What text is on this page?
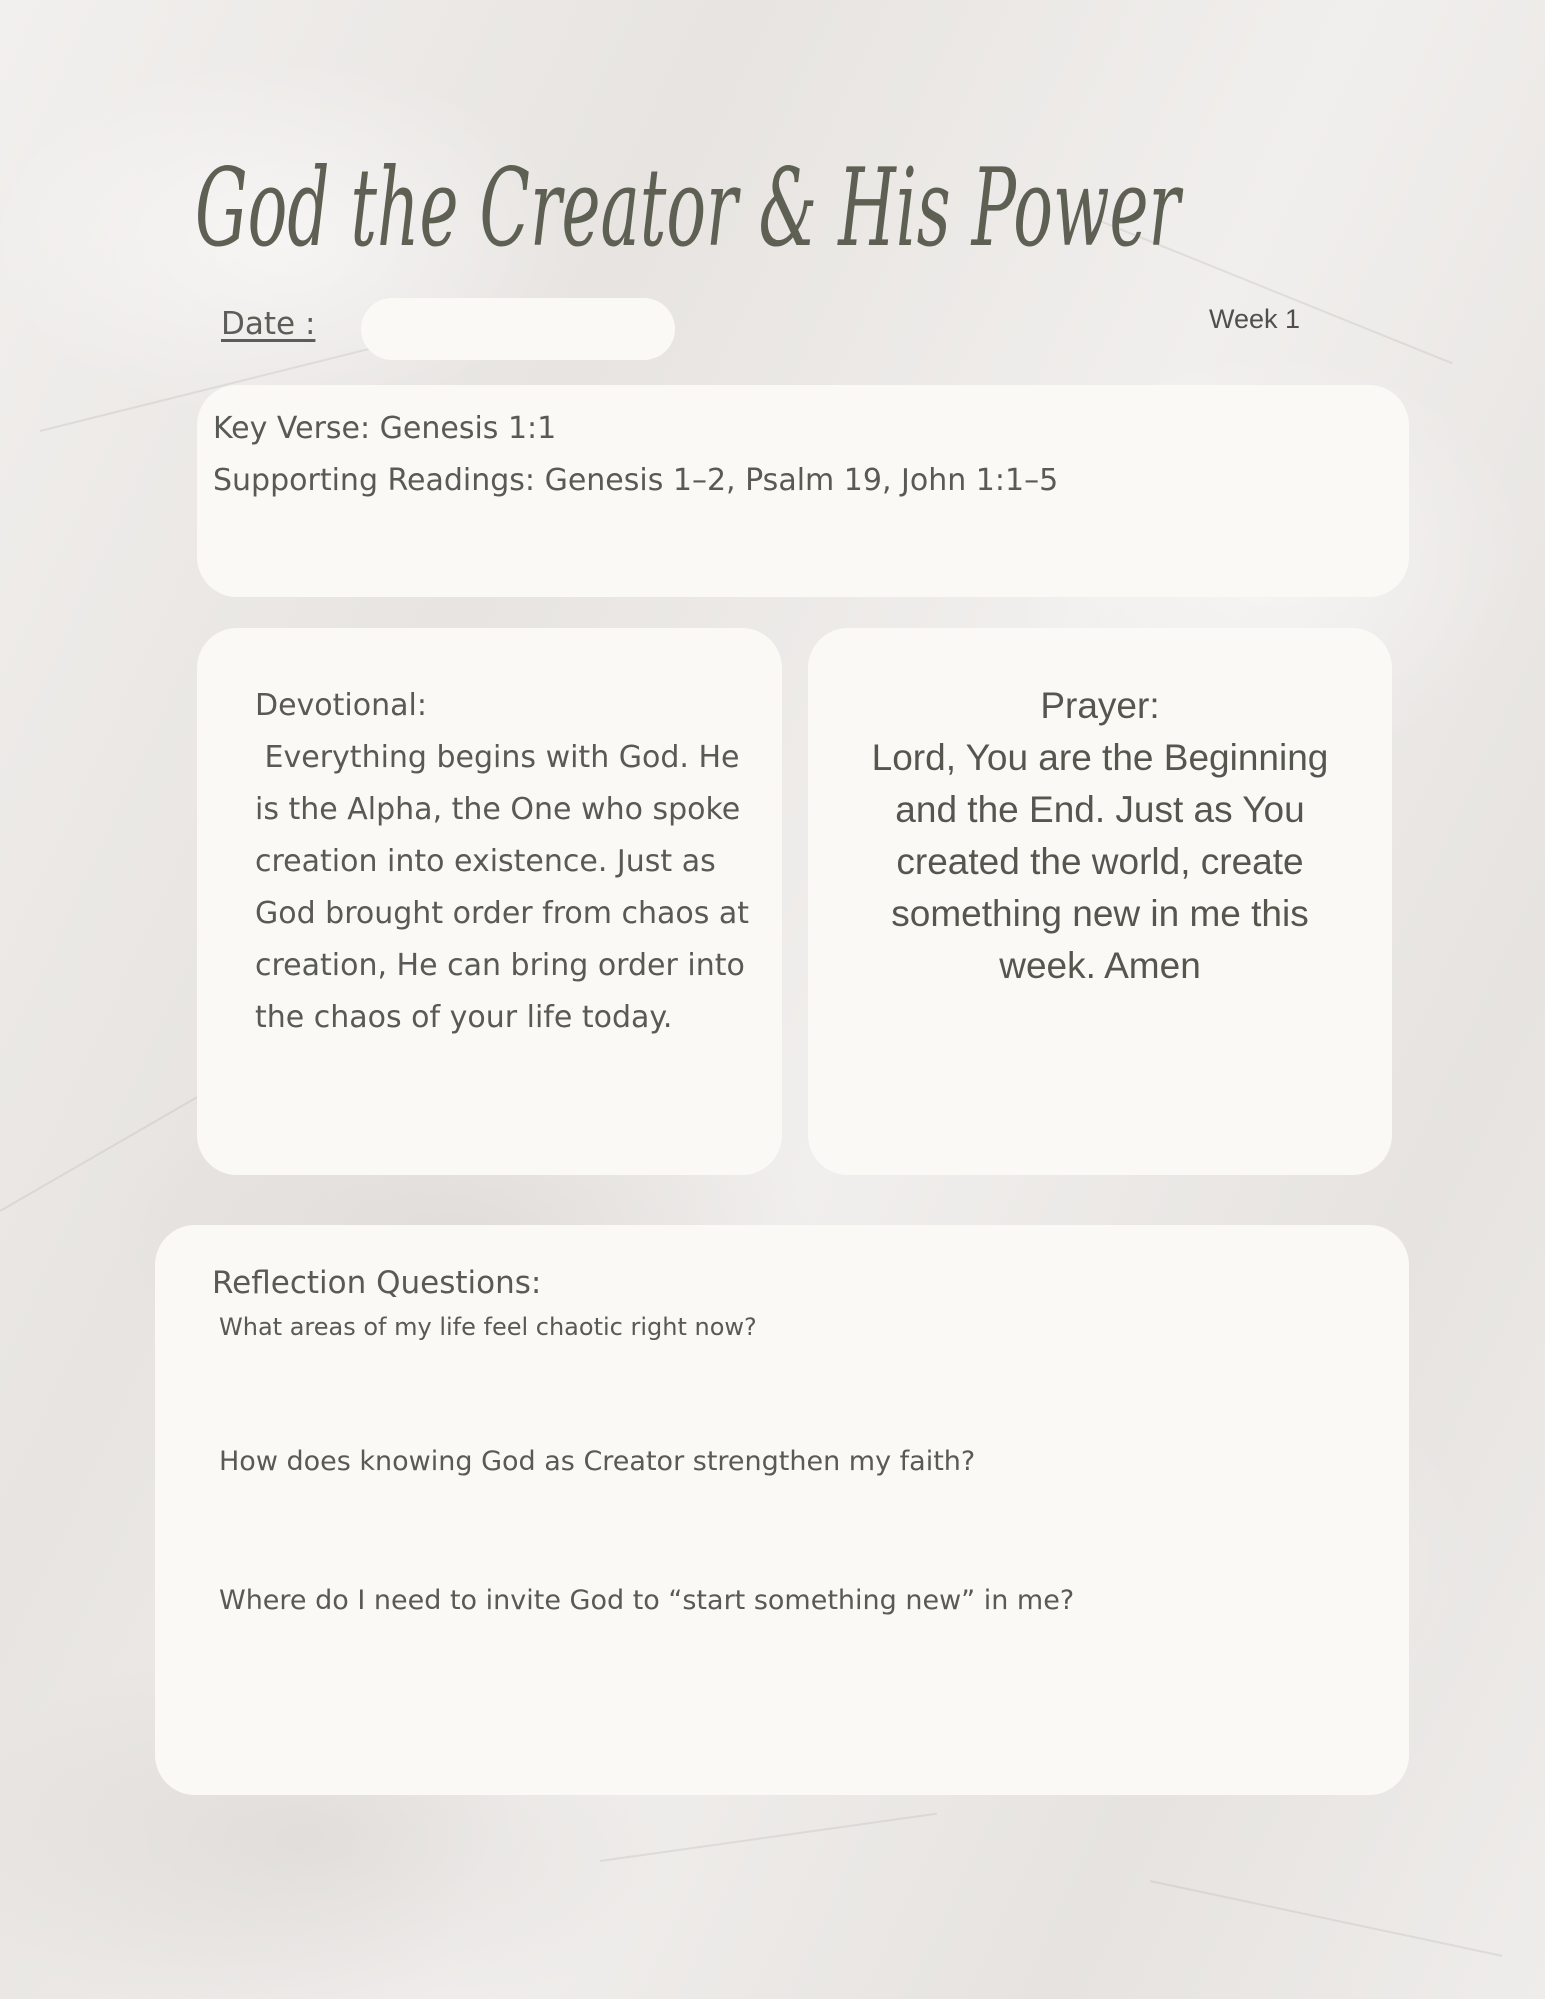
God the Creator & His Power
Date :	Week 1
Key Verse: Genesis 1:1
Supporting Readings: Genesis 1–2, Psalm 19, John 1:1–5
Devotional:
Everything begins with God. He is the Alpha, the One who spoke creation into existence. Just as God brought order from chaos at creation, He can bring order into the chaos of your life today.
Prayer:
Lord, You are the Beginning and the End. Just as You created the world, create something new in me this week. Amen
Reflection Questions:
What areas of my life feel chaotic right now?
How does knowing God as Creator strengthen my faith?
Where do I need to invite God to “start something new” in me?
